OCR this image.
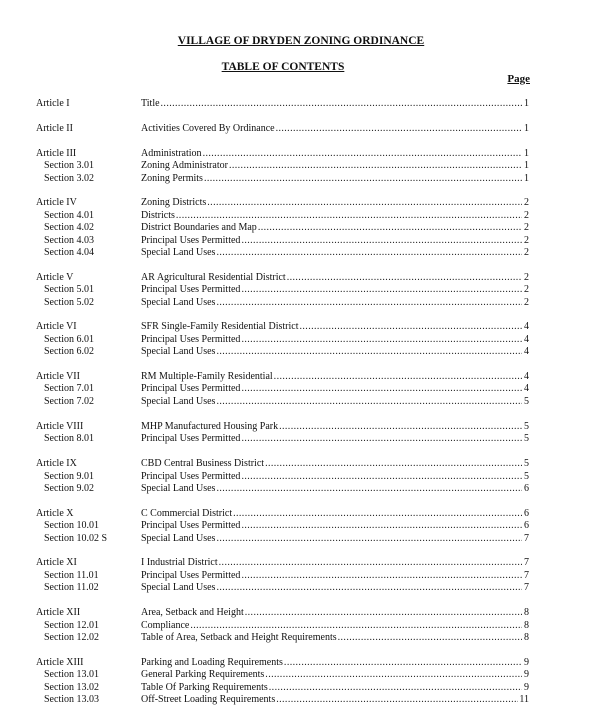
VILLAGE OF DRYDEN ZONING ORDINANCE
TABLE OF CONTENTS
Page
Article I	Title .....	1
Article II	Activities Covered By Ordinance .....	1
Article III	Administration .....	1
Section 3.01	Zoning Administrator .....	1
Section 3.02	Zoning Permits .....	1
Article IV	Zoning Districts .....	2
Section 4.01	Districts .....	2
Section 4.02	District Boundaries and Map .....	2
Section 4.03	Principal Uses Permitted .....	2
Section 4.04	Special Land Uses .....	2
Article V	AR Agricultural Residential District .....	2
Section 5.01	Principal Uses Permitted .....	2
Section 5.02	Special Land Uses .....	2
Article VI	SFR Single-Family Residential District .....	4
Section 6.01	Principal Uses Permitted .....	4
Section 6.02	Special Land Uses .....	4
Article VII	RM Multiple-Family Residential .....	4
Section 7.01	Principal Uses Permitted .....	4
Section 7.02	Special Land Uses .....	5
Article VIII	MHP Manufactured Housing Park .....	5
Section 8.01	Principal Uses Permitted .....	5
Article IX	CBD Central Business District .....	5
Section 9.01	Principal Uses Permitted .....	5
Section 9.02	Special Land Uses .....	6
Article X	C Commercial District .....	6
Section 10.01	Principal Uses Permitted .....	6
Section 10.02 S	Special Land Uses .....	7
Article XI	I Industrial District .....	7
Section 11.01	Principal Uses Permitted .....	7
Section 11.02	Special Land Uses .....	7
Article XII	Area, Setback and Height .....	8
Section 12.01	Compliance .....	8
Section 12.02	Table of Area, Setback and Height Requirements .....	8
Article XIII	Parking and Loading Requirements .....	9
Section 13.01	General Parking Requirements .....	9
Section 13.02	Table Of Parking Requirements .....	9
Section 13.03	Off-Street Loading Requirements .....	11
